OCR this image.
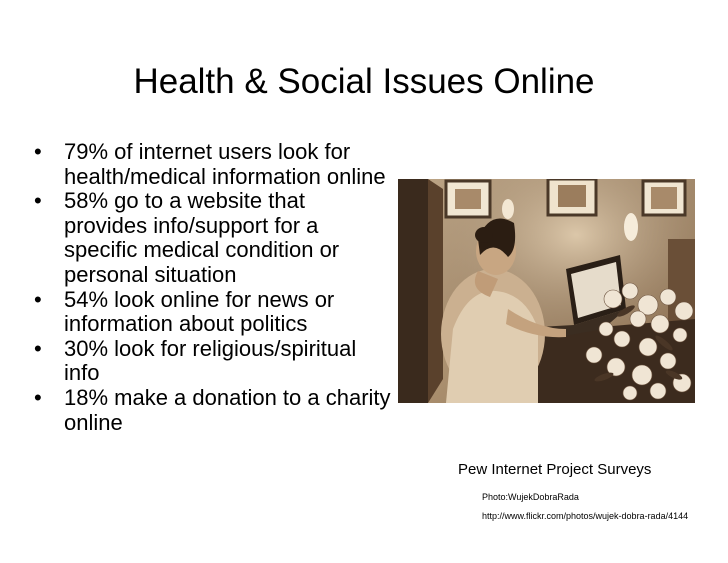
Health & Social Issues Online
• 79% of internet users look for health/medical information online
• 58% go to a website that provides info/support for a specific medical condition or personal situation
• 54% look online for news or information about politics
• 30% look for religious/spiritual info
• 18% make a donation to a charity online
Pew Internet Project Surveys
Photo:WujekDobraRada
http://www.flickr.com/photos/wujek-dobra-rada/4144
